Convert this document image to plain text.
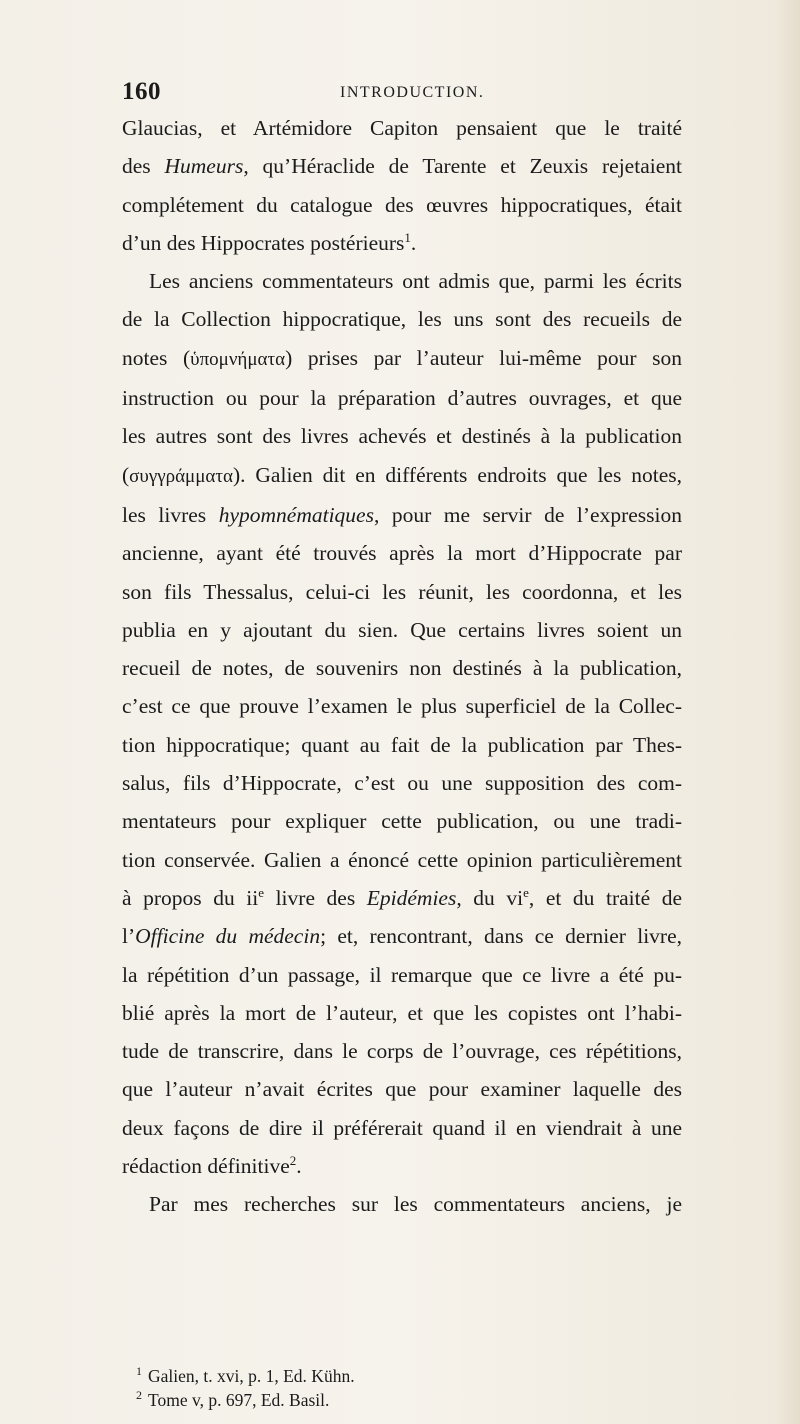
160	INTRODUCTION.
Glaucias, et Artémidore Capiton pensaient que le traité
des Humeurs, qu’Héraclide de Tarente et Zeuxis rejetaient
complétement du catalogue des œuvres hippocratiques, était
d’un des Hippocrates postérieurs$^1$.
Les anciens commentateurs ont admis que, parmi les écrits
de la Collection hippocratique, les uns sont des recueils de
notes (ὑπομνήματα) prises par l’auteur lui-même pour son
instruction ou pour la préparation d’autres ouvrages, et que
les autres sont des livres achevés et destinés à la publication
(συγγράμματα). Galien dit en différents endroits que les notes,
les livres hypomnématiques, pour me servir de l’expression
ancienne, ayant été trouvés après la mort d’Hippocrate par
son fils Thessalus, celui-ci les réunit, les coordonna, et les
publia en y ajoutant du sien. Que certains livres soient un
recueil de notes, de souvenirs non destinés à la publication,
c’est ce que prouve l’examen le plus superficiel de la Collec-
tion hippocratique; quant au fait de la publication par Thes-
salus, fils d’Hippocrate, c’est ou une supposition des com-
mentateurs pour expliquer cette publication, ou une tradi-
tion conservée. Galien a énoncé cette opinion particulièrement
à propos du $ii^e$ livre des Epidémies, du $vi^e$, et du traité de
l’Officine du médecin; et, rencontrant, dans ce dernier livre,
la répétition d’un passage, il remarque que ce livre a été pu-
blié après la mort de l’auteur, et que les copistes ont l’habi-
tude de transcrire, dans le corps de l’ouvrage, ces répétitions,
que l’auteur n’avait écrites que pour examiner laquelle des
deux façons de dire il préférerait quand il en viendrait à une
rédaction définitive$^2$.
Par mes recherches sur les commentateurs anciens, je
$^1$ Galien, t. xvi, p. 1, Ed. Kühn.
$^2$ Tome v, p. 697, Ed. Basil.
